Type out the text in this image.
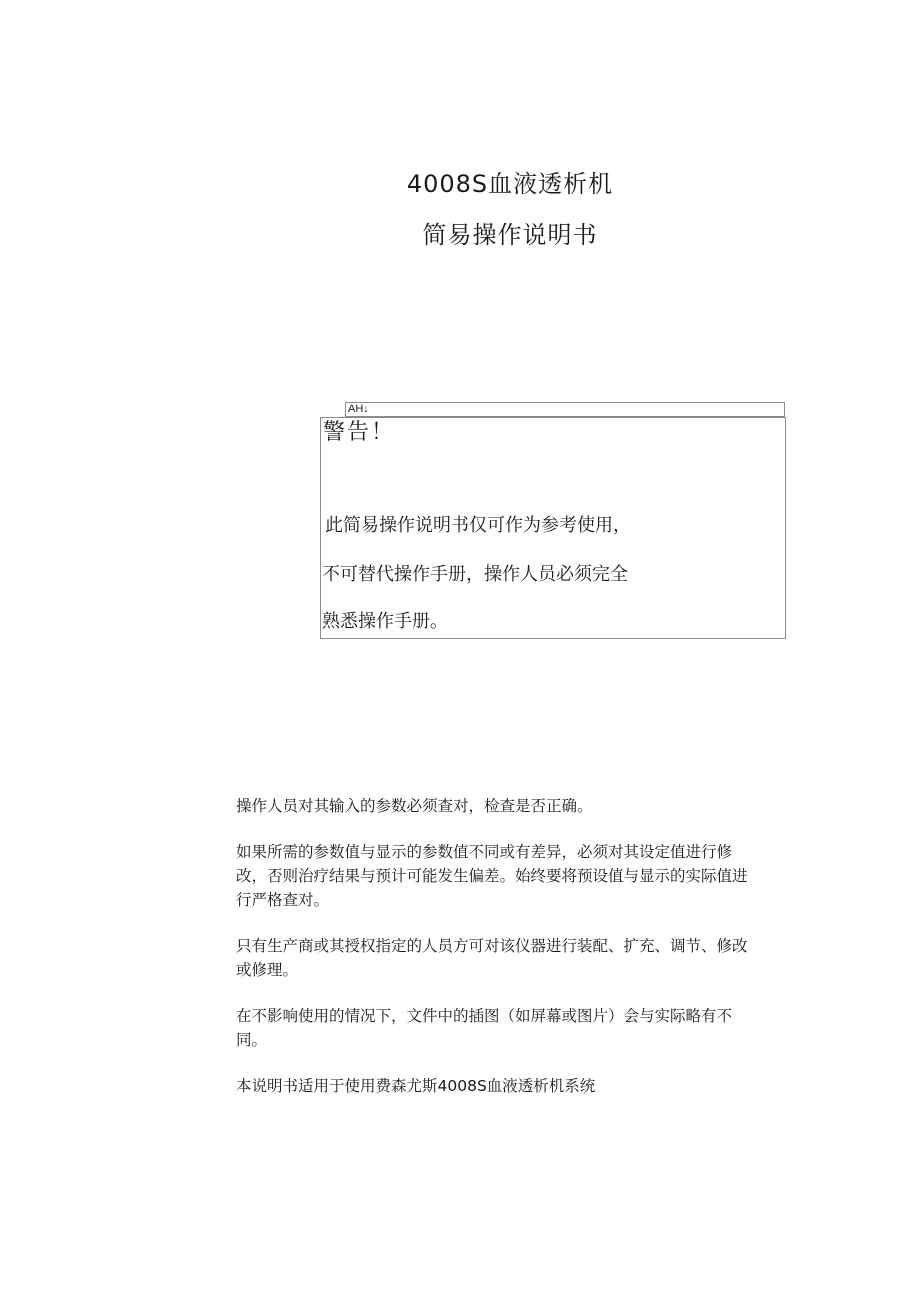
4008S血液透析机
简易操作说明书
AH↓
警告！
此简易操作说明书仅可作为参考使用，
不可替代操作手册，操作人员必须完全
熟悉操作手册。

操作人员对其输入的参数必须查对，检查是否正确。

如果所需的参数值与显示的参数值不同或有差异，必须对其设定值进行修改，否则治疗结果与预计可能发生偏差。始终要将预设值与显示的实际值进行严格查对。

只有生产商或其授权指定的人员方可对该仪器进行装配、扩充、调节、修改或修理。

在不影响使用的情况下，文件中的插图（如屏幕或图片）会与实际略有不同。

本说明书适用于使用费森尤斯4008S血液透析机系统
